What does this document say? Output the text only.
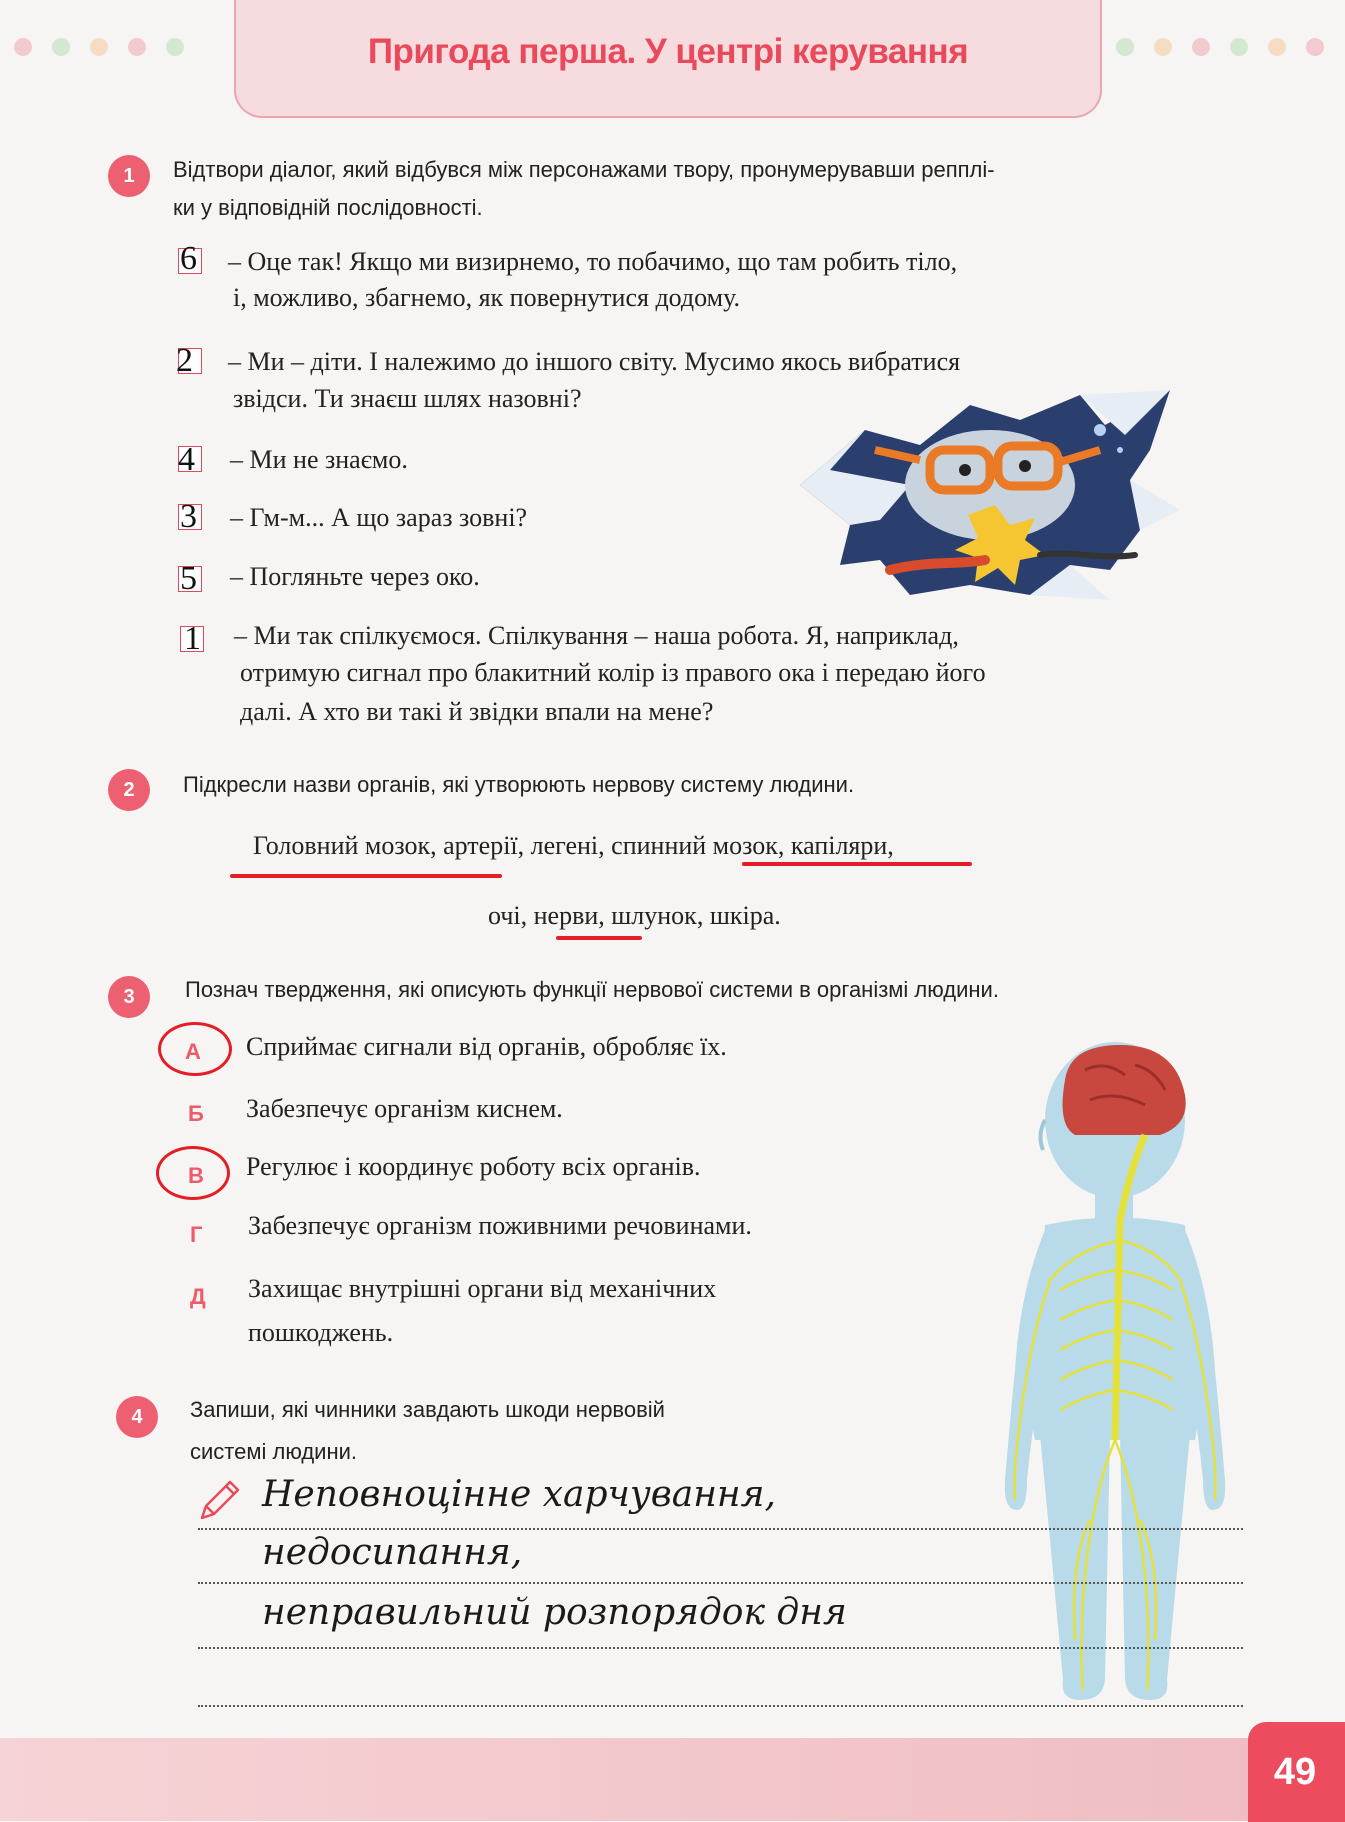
Пригода перша. У центрі керування
1	Відтвори діалог, який відбувся між персонажами твору, пронумерувавши репплі-
ки у відповідній послідовності.
6 – Оце так! Якщо ми визирнемо, то побачимо, що там робить тіло,
і, можливо, збагнемо, як повернутися додому.
2 – Ми – діти. І належимо до іншого світу. Мусимо якось вибратися
звідси. Ти знаєш шлях назовні?
4 – Ми не знаємо.
3 – Гм-м... А що зараз зовні?
5 – Погляньте через око.
1 – Ми так спілкуємося. Спілкування – наша робота. Я, наприклад,
отримую сигнал про блакитний колір із правого ока і передаю його
далі. А хто ви такі й звідки впали на мене?
2	Підкресли назви органів, які утворюють нервову систему людини.
Головний мозок, артерії, легені, спинний мозок, капіляри,
очі, нерви, шлунок, шкіра.
3	Познач твердження, які описують функції нервової системи в організмі людини.
А Сприймає сигнали від органів, обробляє їх.
Б Забезпечує організм киснем.
В Регулює і координує роботу всіх органів.
Г Забезпечує організм поживними речовинами.
Д Захищає внутрішні органи від механічних
пошкоджень.
4	Запиши, які чинники завдають шкоди нервовій
системі людини.
Неповноцінне харчування,
недосипання,
неправильний розпорядок дня
49
